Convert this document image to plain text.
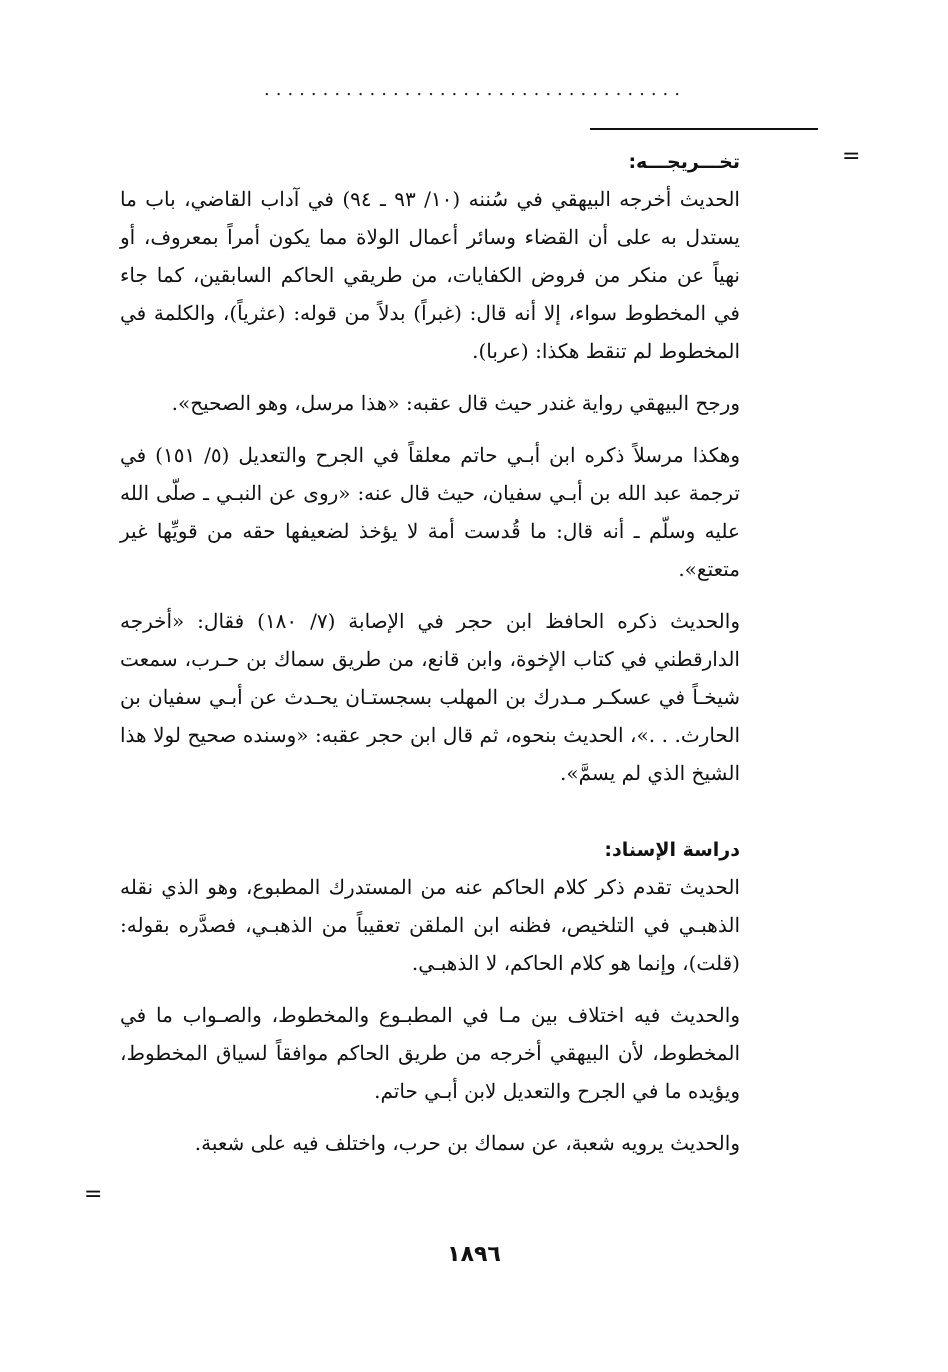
....................................
=
تخـــريجـــه:

الحديث أخرجه البيهقي في سُننه (١٠/ ٩٣ ـ ٩٤) في آداب القاضي، باب ما يستدل به على أن القضاء وسائر أعمال الولاة مما يكون أمراً بمعروف، أو نهياً عن منكر من فروض الكفايات، من طريقي الحاكم السابقين، كما جاء في المخطوط سواء، إلا أنه قال: (غبراً) بدلاً من قوله: (عثرياً)، والكلمة في المخطوط لم تنقط هكذا: (عربا).

ورجح البيهقي رواية غندر حيث قال عقبه: «هذا مرسل، وهو الصحيح».

وهكذا مرسلاً ذكره ابن أبـي حاتم معلقاً في الجرح والتعديل (٥/ ١٥١) في ترجمة عبد الله بن أبـي سفيان، حيث قال عنه: «روى عن النبـي ـ صلّى الله عليه وسلّم ـ أنه قال: ما قُدست أمة لا يؤخذ لضعيفها حقه من قويِّها غير متعتع».

والحديث ذكره الحافظ ابن حجر في الإصابة (٧/ ١٨٠) فقال: «أخرجه الدارقطني في كتاب الإخوة، وابن قانع، من طريق سماك بن حـرب، سمعت شيخـاً في عسكـر مـدرك بن المهلب بسجستـان يحـدث عن أبـي سفيان بن الحارث. . .»، الحديث بنحوه، ثم قال ابن حجر عقبه: «وسنده صحيح لولا هذا الشيخ الذي لم يسمَّ».

دراسة الإسناد:

الحديث تقدم ذكر كلام الحاكم عنه من المستدرك المطبوع، وهو الذي نقله الذهبـي في التلخيص، فظنه ابن الملقن تعقيباً من الذهبـي، فصدَّره بقوله: (قلت)، وإنما هو كلام الحاكم، لا الذهبـي.

والحديث فيه اختلاف بين مـا في المطبـوع والمخطوط، والصـواب ما في المخطوط، لأن البيهقي أخرجه من طريق الحاكم موافقاً لسياق المخطوط، ويؤيده ما في الجرح والتعديل لابن أبـي حاتم.

والحديث يرويه شعبة، عن سماك بن حرب، واختلف فيه على شعبة.

=
١٨٩٦
